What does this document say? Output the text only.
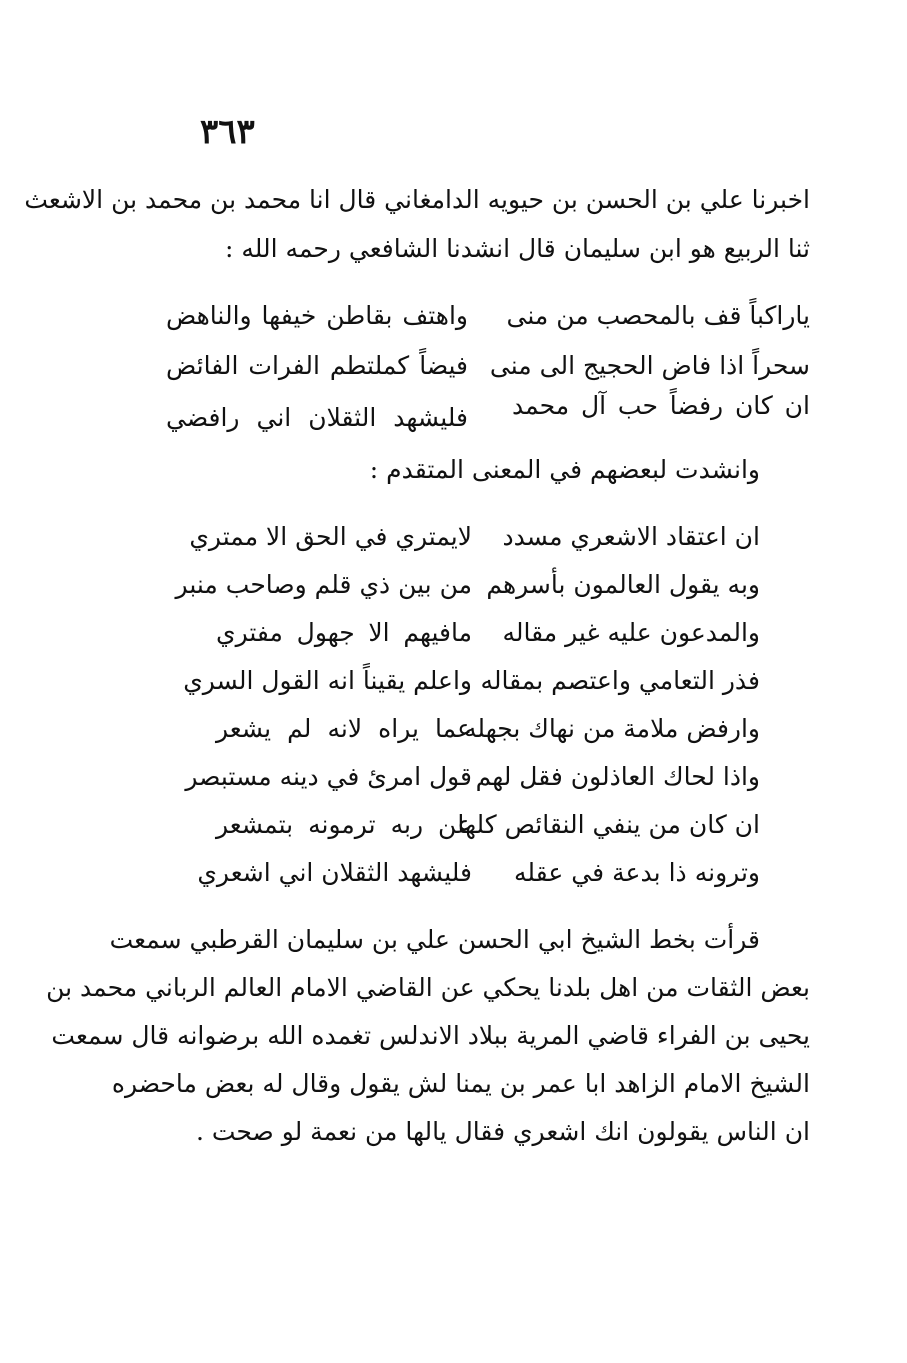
٣٦٣
اخبرنا علي بن الحسن بن حيويه الدامغاني قال انا محمد بن محمد بن الاشعث
ثنا الربيع هو ابن سليمان قال انشدنا الشافعي رحمه الله :
ياراكباً قف بالمحصب من منى
واهتف بقاطن خيفها والناهض
سحراً اذا فاض الحجيج الى منى
فيضاً كملتطم الفرات الفائض
ان كان رفضاً حب آل محمد
فليشهد الثقلان اني رافضي
وانشدت لبعضهم في المعنى المتقدم :
ان اعتقاد الاشعري مسدد
لايمتري في الحق الا ممتري
وبه يقول العالمون بأسرهم
من بين ذي قلم وصاحب منبر
والمدعون عليه غير مقاله
مافيهم الا جهول مفتري
فذر التعامي واعتصم بمقاله
واعلم يقيناً انه القول السري
وارفض ملامة من نهاك بجهله
عما يراه لانه لم يشعر
واذا لحاك العاذلون فقل لهم
قول امرئ في دينه مستبصر
ان كان من ينفي النقائص كلها
عن ربه ترمونه بتمشعر
وترونه ذا بدعة في عقله
فليشهد الثقلان اني اشعري
قرأت بخط الشيخ ابي الحسن علي بن سليمان القرطبي سمعت
بعض الثقات من اهل بلدنا يحكي عن القاضي الامام العالم الرباني محمد بن
يحيى بن الفراء قاضي المرية ببلاد الاندلس تغمده الله برضوانه قال سمعت
الشيخ الامام الزاهد ابا عمر بن يمنا لش يقول وقال له بعض ماحضره
ان الناس يقولون انك اشعري فقال يالها من نعمة لو صحت .
